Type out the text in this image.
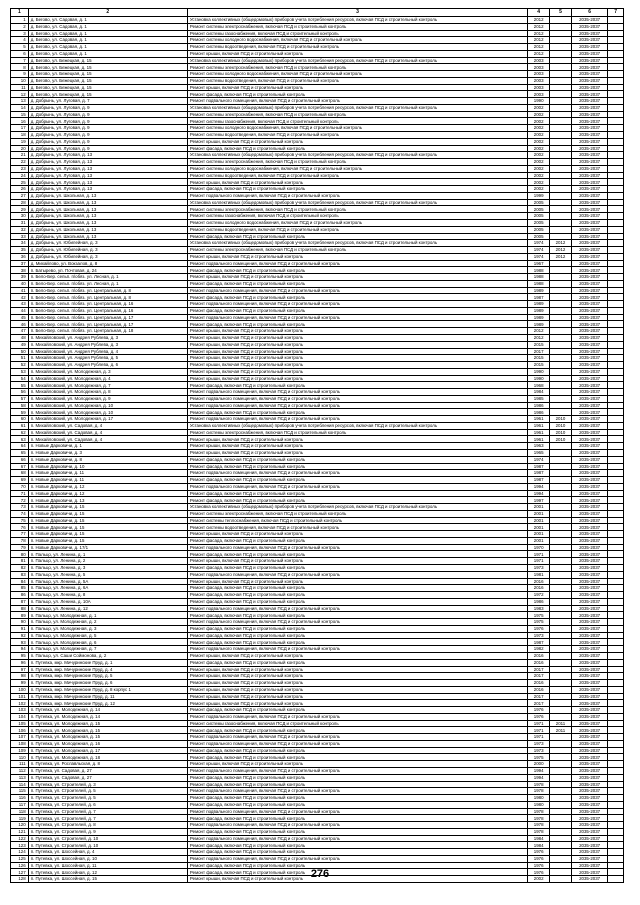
1	2	3	4	5	6	7
1	д. Бегово, ул. Садовая, д. 1	Установка коллективных (общедомовых) приборов учета потребления ресурсов, включая ПСД и строительный контроль	2012		2035-2037	
2	д. Бегово, ул. Садовая, д. 1	Ремонт системы электроснабжения, включая ПСД и строительный контроль	2012		2035-2037	
3	д. Бегово, ул. Садовая, д. 1	Ремонт системы газоснабжения, включая ПСД и строительный контроль	2012		2035-2037	
4	д. Бегово, ул. Садовая, д. 1	Ремонт системы холодного водоснабжения, включая ПСД и строительный контроль	2012		2035-2037	
5	д. Бегово, ул. Садовая, д. 1	Ремонт системы водоотведения, включая ПСД и строительный контроль	2012		2035-2037	
6	д. Бегово, ул. Садовая, д. 1	Ремонт крыши, включая ПСД и строительный контроль	2012		2035-2037	
7	д. Бегово, ул. Бежецкая, д. 15	Установка коллективных (общедомовых) приборов учета потребления ресурсов, включая ПСД и строительный контроль	2003		2035-2037	
8	д. Бегово, ул. Бежецкая, д. 15	Ремонт системы электроснабжения, включая ПСД и строительный контроль	2003		2035-2037	
9	д. Бегово, ул. Бежецкая, д. 15	Ремонт системы холодного водоснабжения, включая ПСД и строительный контроль	2003		2035-2037	
10	д. Бегово, ул. Бежецкая, д. 15	Ремонт системы водоотведения, включая ПСД и строительный контроль	2003		2035-2037	
11	д. Бегово, ул. Бежецкая, д. 15	Ремонт крыши, включая ПСД и строительный контроль	2003		2035-2037	
12	д. Бегово, ул. Бежецкая, д. 15	Ремонт фасада, включая ПСД и строительный контроль	2003		2035-2037	
13	д. Добрынь, ул. Луговая, д. 7	Ремонт подвального помещения, включая ПСД и строительный контроль	1990		2035-2037	
14	д. Добрынь, ул. Луговая, д. 9	Установка коллективных (общедомовых) приборов учета потребления ресурсов, включая ПСД и строительный контроль	2002		2035-2037	
15	д. Добрынь, ул. Луговая, д. 9	Ремонт системы электроснабжения, включая ПСД и строительный контроль	2002		2035-2037	
16	д. Добрынь, ул. Луговая, д. 9	Ремонт системы газоснабжения, включая ПСД и строительный контроль	2002		2035-2037	
17	д. Добрынь, ул. Луговая, д. 9	Ремонт системы холодного водоснабжения, включая ПСД и строительный контроль	2002		2035-2037	
18	д. Добрынь, ул. Луговая, д. 9	Ремонт системы водоотведения, включая ПСД и строительный контроль	2002		2035-2037	
19	д. Добрынь, ул. Луговая, д. 9	Ремонт крыши, включая ПСД и строительный контроль	2002		2035-2037	
20	д. Добрынь, ул. Луговая, д. 9	Ремонт фасада, включая ПСД и строительный контроль	2002		2035-2037	
21	д. Добрынь, ул. Луговая, д. 13	Установка коллективных (общедомовых) приборов учета потребления ресурсов, включая ПСД и строительный контроль	2002		2035-2037	
22	д. Добрынь, ул. Луговая, д. 13	Ремонт системы электроснабжения, включая ПСД и строительный контроль	2002		2035-2037	
23	д. Добрынь, ул. Луговая, д. 13	Ремонт системы холодного водоснабжения, включая ПСД и строительный контроль	2002		2035-2037	
24	д. Добрынь, ул. Луговая, д. 13	Ремонт системы водоотведения, включая ПСД и строительный контроль	2002		2035-2037	
25	д. Добрынь, ул. Луговая, д. 13	Ремонт крыши, включая ПСД и строительный контроль	2002		2035-2037	
26	д. Добрынь, ул. Луговая, д. 13	Ремонт фасада, включая ПСД и строительный контроль	2002		2035-2037	
27	д. Добрынь, ул. Школьная, д. 13	Ремонт подвального помещения, включая ПСД и строительный контроль	1999		2035-2037	
28	д. Добрынь, ул. Школьная, д. 13	Установка коллективных (общедомовых) приборов учета потребления ресурсов, включая ПСД и строительный контроль	2005		2035-2037	
29	д. Добрынь, ул. Школьная, д. 13	Ремонт системы электроснабжения, включая ПСД и строительный контроль	2005		2035-2037	
30	д. Добрынь, ул. Школьная, д. 13	Ремонт системы газоснабжения, включая ПСД и строительный контроль	2005		2035-2037	
31	д. Добрынь, ул. Школьная, д. 13	Ремонт системы холодного водоснабжения, включая ПСД и строительный контроль	2005		2035-2037	
32	д. Добрынь, ул. Школьная, д. 13	Ремонт системы водоотведения, включая ПСД и строительный контроль	2005		2035-2037	
33	д. Добрынь, ул. Школьная, д. 13	Ремонт фасада, включая ПСД и строительный контроль	2005		2035-2037	
34	д. Добрынь, ул. Юбилейная, д. 3	Установка коллективных (общедомовых) приборов учета потребления ресурсов, включая ПСД и строительный контроль	1974	2012	2035-2037	
35	д. Добрынь, ул. Юбилейная, д. 3	Ремонт системы электроснабжения, включая ПСД и строительный контроль	1974	2012	2035-2037	
36	д. Добрынь, ул. Юбилейная, д. 3	Ремонт крыши, включая ПСД и строительный контроль	1974	2012	2035-2037	
37	д. Михайлово, ул. Вокзалов, д. 8	Ремонт подвального помещения, включая ПСД и строительный контроль	1967		2035-2037	
38	п. Батырево, ул. Почтовая, д. 24	Ремонт фасада, включая ПСД и строительный контроль	1988		2035-2037	
39	п. Бело-Бер. сельп. п/обяз. ул. Лесная, д. 1	Ремонт крыши, включая ПСД и строительный контроль	1988		2035-2037	
40	п. Бело-Бер. сельп. п/обяз. ул. Лесная, д. 1	Ремонт фасада, включая ПСД и строительный контроль	1988		2035-2037	
41	п. Бело-Бер. сельп. п/обяз. ул. Центральная, д. 8	Ремонт подвального помещения, включая ПСД и строительный контроль	1989		2035-2037	
42	п. Бело-Бер. сельп. п/обяз. ул. Центральная, д. 8	Ремонт фасада, включая ПСД и строительный контроль	1987		2035-2037	
43	п. Бело-Бер. сельп. п/обяз. ул. Центральная, д. 16	Ремонт подвального помещения, включая ПСД и строительный контроль	1989		2035-2037	
44	п. Бело-Бер. сельп. п/обяз. ул. Центральная, д. 16	Ремонт фасада, включая ПСД и строительный контроль	1989		2035-2037	
45	п. Бело-Бер. сельп. п/обяз. ул. Центральная, д. 17	Ремонт подвального помещения, включая ПСД и строительный контроль	1989		2035-2037	
46	п. Бело-Бер. сельп. п/обяз. ул. Центральная, д. 17	Ремонт фасада, включая ПСД и строительный контроль	1989		2035-2037	
47	п. Бело-Бер. сельп. п/обяз. ул. Центральная, д. 18	Ремонт крыши, включая ПСД и строительный контроль	2012		2035-2037	
48	п. Михайловский, ул. Андрея Рублева, д. 3	Ремонт крыши, включая ПСД и строительный контроль	2012		2035-2037	
49	п. Михайловский, ул. Андрея Рублева, д. 3	Ремонт крыши, включая ПСД и строительный контроль	2015		2035-2037	
50	п. Михайловский, ул. Андрея Рублева, д. 4	Ремонт крыши, включая ПСД и строительный контроль	2017		2035-2037	
51	п. Михайловский, ул. Андрея Рублева, д. 5	Ремонт крыши, включая ПСД и строительный контроль	2015		2035-2037	
52	п. Михайловский, ул. Андрея Рублева, д. 6	Ремонт крыши, включая ПСД и строительный контроль	2015		2035-2037	
53	п. Михайловский, ул. Молодежная, д. 3	Ремонт крыши, включая ПСД и строительный контроль	1990		2035-2037	
54	п. Михайловский, ул. Молодежная, д. 4	Ремонт крыши, включая ПСД и строительный контроль	1990		2035-2037	
55	п. Михайловский, ул. Молодежная, д. 7	Ремонт фасада, включая ПСД и строительный контроль	1968		2035-2037	
56	п. Михайловский, ул. Молодежная, д. 8	Ремонт подвального помещения, включая ПСД и строительный контроль	1984		2035-2037	
57	п. Михайловский, ул. Молодежная, д. 9	Ремонт подвального помещения, включая ПСД и строительный контроль	1985		2035-2037	
58	п. Михайловский, ул. Молодежная, д. 10	Ремонт подвального помещения, включая ПСД и строительный контроль	1986		2035-2037	
59	п. Михайловский, ул. Молодежная, д. 10	Ремонт фасада, включая ПСД и строительный контроль	1986		2035-2037	
60	п. Михайловский, ул. Молодежная, д. 17	Ремонт подвального помещения, включая ПСД и строительный контроль	1961	2010	2035-2037	
61	п. Михайловский, ул. Садовая, д. 4	Установка коллективных (общедомовых) приборов учета потребления ресурсов, включая ПСД и строительный контроль	1961	2010	2035-2037	
62	п. Михайловский, ул. Садовая, д. 4	Ремонт системы электроснабжения, включая ПСД и строительный контроль	1961	2010	2035-2037	
63	п. Михайловский, ул. Садовая, д. 4	Ремонт крыши, включая ПСД и строительный контроль	1961	2010	2035-2037	
64	п. Новые Дарковичи, д. 1	Ремонт крыши, включая ПСД и строительный контроль	1963		2035-2037	
65	п. Новые Дарковичи, д. 3	Ремонт крыши, включая ПСД и строительный контроль	1965		2035-2037	
66	п. Новые Дарковичи, д. 8	Ремонт фасада, включая ПСД и строительный контроль	1974		2035-2037	
67	п. Новые Дарковичи, д. 10	Ремонт фасада, включая ПСД и строительный контроль	1987		2035-2037	
68	п. Новые Дарковичи, д. 11	Ремонт подвального помещения, включая ПСД и строительный контроль	1987		2035-2037	
69	п. Новые Дарковичи, д. 11	Ремонт фасада, включая ПСД и строительный контроль	1987		2035-2037	
70	п. Новые Дарковичи, д. 12	Ремонт подвального помещения, включая ПСД и строительный контроль	1994		2035-2037	
71	п. Новые Дарковичи, д. 12	Ремонт фасада, включая ПСД и строительный контроль	1994		2035-2037	
72	п. Новые Дарковичи, д. 13	Ремонт фасада, включая ПСД и строительный контроль	1997		2035-2037	
73	п. Новые Дарковичи, д. 15	Установка коллективных (общедомовых) приборов учета потребления ресурсов, включая ПСД и строительный контроль	2001		2035-2037	
74	п. Новые Дарковичи, д. 15	Ремонт системы электроснабжения, включая ПСД и строительный контроль	2001		2035-2037	
75	п. Новые Дарковичи, д. 15	Ремонт системы теплоснабжения, включая ПСД и строительный контроль	2001		2035-2037	
76	п. Новые Дарковичи, д. 15	Ремонт системы водоотведения, включая ПСД и строительный контроль	2001		2035-2037	
77	п. Новые Дарковичи, д. 15	Ремонт крыши, включая ПСД и строительный контроль	2001		2035-2037	
78	п. Новые Дарковичи, д. 15	Ремонт фасада, включая ПСД и строительный контроль	2001		2035-2037	
79	п. Новые Дарковичи, д. 17/1	Ремонт подвального помещения, включая ПСД и строительный контроль	1970		2035-2037	
80	п. Пальцо, ул. Ленина, д. 1	Ремонт фасада, включая ПСД и строительный контроль	1971		2035-2037	
81	п. Пальцо, ул. Ленина, д. 2	Ремонт крыши, включая ПСД и строительный контроль	1971		2035-2037	
82	п. Пальцо, ул. Ленина, д. 3	Ремонт фасада, включая ПСД и строительный контроль	1973		2035-2037	
83	п. Пальцо, ул. Ленина, д. 5	Ремонт подвального помещения, включая ПСД и строительный контроль	1981		2035-2037	
84	п. Пальцо, ул. Ленина, д. 5А	Ремонт крыши, включая ПСД и строительный контроль	2016		2035-2037	
85	п. Пальцо, ул. Ленина, д. 6А	Ремонт фасада, включая ПСД и строительный контроль	2016		2035-2037	
86	п. Пальцо, ул. Ленина, д. 8	Ремонт фасада, включая ПСД и строительный контроль	1972		2035-2037	
87	п. Пальцо, ул. Ленина, д. 10А	Ремонт фасада, включая ПСД и строительный контроль	1986		2035-2037	
88	п. Пальцо, ул. Ленина, д. 12	Ремонт подвального помещения, включая ПСД и строительный контроль	1983		2035-2037	
89	п. Пальцо, ул. Молодежная, д. 1	Ремонт фасада, включая ПСД и строительный контроль	1975		2035-2037	
90	п. Пальцо, ул. Молодежная, д. 2	Ремонт подвального помещения, включая ПСД и строительный контроль	1975		2035-2037	
91	п. Пальцо, ул. Молодежная, д. 3	Ремонт фасада, включая ПСД и строительный контроль	1976		2035-2037	
92	п. Пальцо, ул. Молодежная, д. 5	Ремонт фасада, включая ПСД и строительный контроль	1973		2035-2037	
93	п. Пальцо, ул. Молодежная, д. 6	Ремонт фасада, включая ПСД и строительный контроль	1987		2035-2037	
94	п. Пальцо, ул. Молодежная, д. 7	Ремонт подвального помещения, включая ПСД и строительный контроль	1982		2035-2037	
95	п. Пальцо, ул. Саши Соймонова, д. 2	Ремонт крыши, включая ПСД и строительный контроль	2016		2035-2037	
96	п. Путевка, мкр. Мичуринские Пруд, д. 1	Ремонт фасада, включая ПСД и строительный контроль	2016		2035-2037	
97	п. Путевка, мкр. Мичуринские Пруд, д. 4	Ремонт крыши, включая ПСД и строительный контроль	2017		2035-2037	
98	п. Путевка, мкр. Мичуринские Пруд, д. 5	Ремонт крыши, включая ПСД и строительный контроль	2017		2035-2037	
99	п. Путевка, мкр. Мичуринские Пруд, д. 6	Ремонт крыши, включая ПСД и строительный контроль	2016		2035-2037	
100	п. Путевка, мкр. Мичуринские Пруд, д. 8 корпус 1	Ремонт крыши, включая ПСД и строительный контроль	2016		2035-2037	
101	п. Путевка, мкр. Мичуринские Пруд, д. 11	Ремонт крыши, включая ПСД и строительный контроль	2017		2035-2037	
102	п. Путевка, мкр. Мичуринские Пруд, д. 12	Ремонт крыши, включая ПСД и строительный контроль	2017		2035-2037	
103	п. Путевка, ул. Молодежная, д. 14	Ремонт фасада, включая ПСД и строительный контроль	1976		2035-2037	
104	п. Путевка, ул. Молодежная, д. 14	Ремонт подвального помещения, включая ПСД и строительный контроль	1976		2035-2037	
105	п. Путевка, ул. Молодежная, д. 15	Ремонт системы газоснабжения, включая ПСД и строительный контроль	1971	2011	2035-2037	
106	п. Путевка, ул. Молодежная, д. 15	Ремонт фасада, включая ПСД и строительный контроль	1971	2011	2035-2037	
107	п. Путевка, ул. Молодежная, д. 15	Ремонт подвального помещения, включая ПСД и строительный контроль	1971		2035-2037	
108	п. Путевка, ул. Молодежная, д. 16	Ремонт подвального помещения, включая ПСД и строительный контроль	1973		2035-2037	
109	п. Путевка, ул. Молодежная, д. 17	Ремонт фасада, включая ПСД и строительный контроль	1973		2035-2037	
110	п. Путевка, ул. Молодежная, д. 18	Ремонт фасада, включая ПСД и строительный контроль	1975		2035-2037	
111	п. Путевка, ул. Рославльская, д. 8	Ремонт крыши, включая ПСД и строительный контроль	2000		2035-2037	
112	п. Путевка, ул. Садовая, д. 27	Ремонт подвального помещения, включая ПСД и строительный контроль	1994		2035-2037	
113	п. Путевка, ул. Садовая, д. 27	Ремонт фасада, включая ПСД и строительный контроль	1994		2035-2037	
114	п. Путевка, ул. Строителей, д. 3	Ремонт фасада, включая ПСД и строительный контроль	1978		2035-2037	
115	п. Путевка, ул. Строителей, д. 5	Ремонт подвального помещения, включая ПСД и строительный контроль	1978		2035-2037	
116	п. Путевка, ул. Строителей, д. 5	Ремонт фасада, включая ПСД и строительный контроль	1980		2035-2037	
117	п. Путевка, ул. Строителей, д. 6	Ремонт фасада, включая ПСД и строительный контроль	1980		2035-2037	
118	п. Путевка, ул. Строителей, д. 7	Ремонт подвального помещения, включая ПСД и строительный контроль	1978		2035-2037	
119	п. Путевка, ул. Строителей, д. 7	Ремонт фасада, включая ПСД и строительный контроль	1978		2035-2037	
120	п. Путевка, ул. Строителей, д. 8	Ремонт подвального помещения, включая ПСД и строительный контроль	1978		2035-2037	
121	п. Путевка, ул. Строителей, д. 9	Ремонт фасада, включая ПСД и строительный контроль	1978		2035-2037	
122	п. Путевка, ул. Строителей, д. 10	Ремонт подвального помещения, включая ПСД и строительный контроль	1984		2035-2037	
123	п. Путевка, ул. Строителей, д. 10	Ремонт фасада, включая ПСД и строительный контроль	1984		2035-2037	
124	п. Путевка, ул. Шоссейная, д. 4	Ремонт фасада, включая ПСД и строительный контроль	1976		2035-2037	
125	п. Путевка, ул. Шоссейная, д. 10	Ремонт подвального помещения, включая ПСД и строительный контроль	1976		2035-2037	
126	п. Путевка, ул. Шоссейная, д. 11	Ремонт фасада, включая ПСД и строительный контроль	1976		2035-2037	
127	п. Путевка, ул. Шоссейная, д. 12	Ремонт фасада, включая ПСД и строительный контроль	1976		2035-2037	
128	п. Путевка, ул. Шоссейная, д. 15	Ремонт крыши, включая ПСД и строительный контроль	2002		2035-2037	
276
